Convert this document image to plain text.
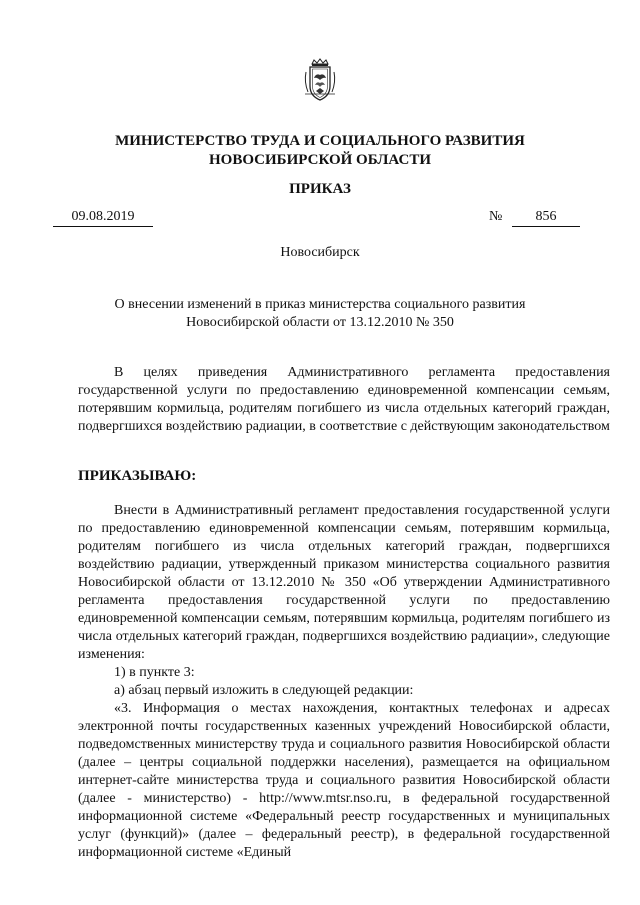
МИНИСТЕРСТВО ТРУДА И СОЦИАЛЬНОГО РАЗВИТИЯ
НОВОСИБИРСКОЙ ОБЛАСТИ
ПРИКАЗ
09.08.2019	№	856
Новосибирск
О внесении изменений в приказ министерства социального развития
Новосибирской области от 13.12.2010 № 350
В целях приведения Административного регламента предоставления государственной услуги по предоставлению единовременной компенсации семьям, потерявшим кормильца, родителям погибшего из числа отдельных категорий граждан, подвергшихся воздействию радиации, в соответствие с действующим законодательством
ПРИКАЗЫВАЮ:
Внести в Административный регламент предоставления государственной услуги по предоставлению единовременной компенсации семьям, потерявшим кормильца, родителям погибшего из числа отдельных категорий граждан, подвергшихся воздействию радиации, утвержденный приказом министерства социального развития Новосибирской области от 13.12.2010 № 350 «Об утверждении Административного регламента предоставления государственной услуги по предоставлению единовременной компенсации семьям, потерявшим кормильца, родителям погибшего из числа отдельных категорий граждан, подвергшихся воздействию радиации», следующие изменения:
1) в пункте 3:
а) абзац первый изложить в следующей редакции:
«3. Информация о местах нахождения, контактных телефонах и адресах электронной почты государственных казенных учреждений Новосибирской области, подведомственных министерству труда и социального развития Новосибирской области (далее – центры социальной поддержки населения), размещается на официальном интернет-сайте министерства труда и социального развития Новосибирской области (далее - министерство) - http://www.mtsr.nso.ru, в федеральной государственной информационной системе «Федеральный реестр государственных и муниципальных услуг (функций)» (далее – федеральный реестр), в федеральной государственной информационной системе «Единый
